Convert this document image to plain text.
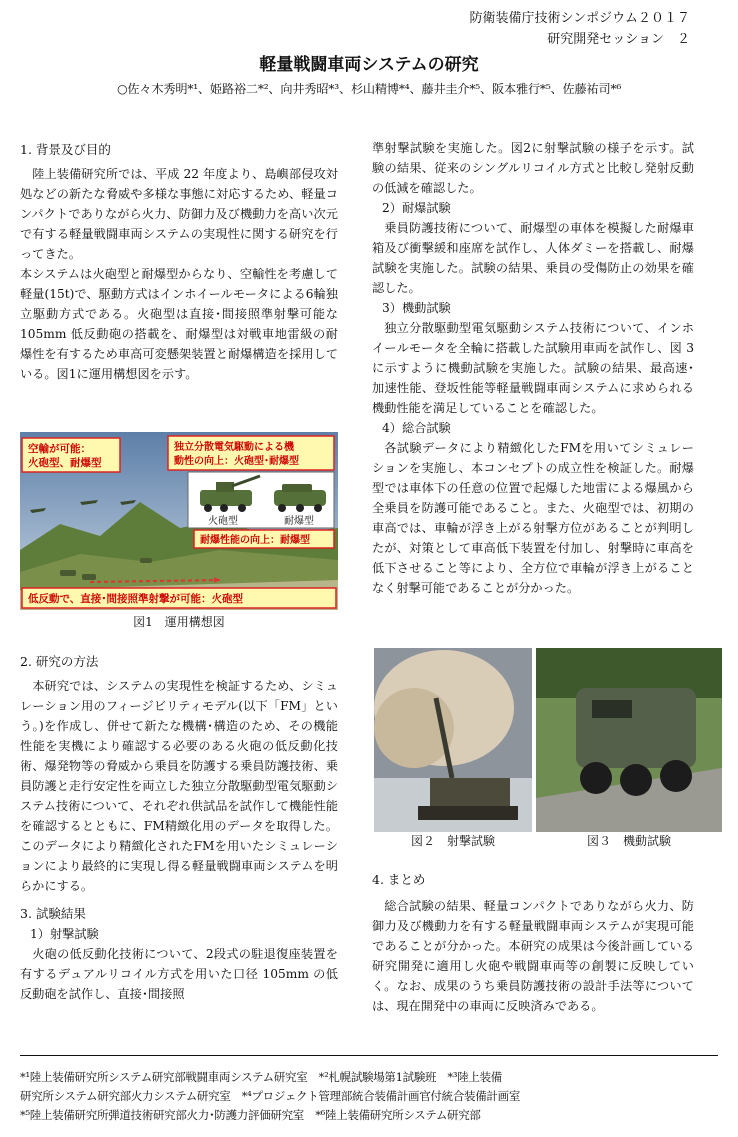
防衛装備庁技術シンポジウム２０１７
研究開発セッション　２
軽量戦闘車両システムの研究
○佐々木秀明*¹、姫路裕二*²、向井秀昭*³、杉山精博*⁴、藤井圭介*⁵、阪本雅行*⁵、佐藤祐司*⁶
1. 背景及び目的

陸上装備研究所では、平成 22 年度より、島嶼部侵攻対処などの新たな脅威や多様な事態に対応するため、軽量コンパクトでありながら火力、防御力及び機動力を高い次元で有する軽量戦闘車両システムの実現性に関する研究を行ってきた。

本システムは火砲型と耐爆型からなり、空輸性を考慮して軽量(15t)で、駆動方式はインホイールモータによる6輪独立駆動方式である。火砲型は直接･間接照準射撃可能な105mm 低反動砲の搭載を、耐爆型は対戦車地雷級の耐爆性を有するため車高可変懸架装置と耐爆構造を採用している。図1に運用構想図を示す。

空輸が可能：
火砲型、耐爆型
独立分散電気駆動による機
動性の向上：火砲型･耐爆型
火砲型	耐爆型
耐爆性能の向上：耐爆型
低反動で、直接･間接照準射撃が可能：火砲型
図1　運用構想図
2. 研究の方法

本研究では、システムの実現性を検証するため、シミュレーション用のフィージビリティモデル(以下「FM」という。)を作成し、併せて新たな機構･構造のため、その機能性能を実機により確認する必要のある火砲の低反動化技術、爆発物等の脅威から乗員を防護する乗員防護技術、乗員防護と走行安定性を両立した独立分散駆動型電気駆動システム技術について、それぞれ供試品を試作して機能性能を確認するとともに、FM精緻化用のデータを取得した。このデータにより精緻化されたFMを用いたシミュレーションにより最終的に実現し得る軽量戦闘車両システムを明らかにする。

3. 試験結果
1）射撃試験

火砲の低反動化技術について、2段式の駐退復座装置を有するデュアルリコイル方式を用いた口径 105mm の低反動砲を試作し、直接･間接照

準射撃試験を実施した。図2に射撃試験の様子を示す。試験の結果、従来のシングルリコイル方式と比較し発射反動の低減を確認した。

2）耐爆試験

乗員防護技術について、耐爆型の車体を模擬した耐爆車箱及び衝撃緩和座席を試作し、人体ダミーを搭載し、耐爆試験を実施した。試験の結果、乗員の受傷防止の効果を確認した。

3）機動試験

独立分散駆動型電気駆動システム技術について、インホイールモータを全輪に搭載した試験用車両を試作し、図 3 に示すように機動試験を実施した。試験の結果、最高速･加速性能、登坂性能等軽量戦闘車両システムに求められる機動性能を満足していることを確認した。

4）総合試験

各試験データにより精緻化したFMを用いてシミュレーションを実施し、本コンセプトの成立性を検証した。耐爆型では車体下の任意の位置で起爆した地雷による爆風から全乗員を防護可能であること。また、火砲型では、初期の車高では、車輪が浮き上がる射撃方位があることが判明したが、対策として車高低下装置を付加し、射撃時に車高を低下させること等により、全方位で車輪が浮き上がることなく射撃可能であることが分かった。

図２　射撃試験	図３　機動試験
4. まとめ

総合試験の結果、軽量コンパクトでありながら火力、防御力及び機動力を有する軽量戦闘車両システムが実現可能であることが分かった。本研究の成果は今後計画している研究開発に適用し火砲や戦闘車両等の創製に反映していく。なお、成果のうち乗員防護技術の設計手法等については、現在開発中の車両に反映済みである。

*¹陸上装備研究所システム研究部戦闘車両システム研究室　*²札幌試験場第1試験班　*³陸上装備
研究所システム研究部火力システム研究室　*⁴プロジェクト管理部統合装備計画官付統合装備計画室
*⁵陸上装備研究所弾道技術研究部火力･防護力評価研究室　*⁶陸上装備研究所システム研究部
